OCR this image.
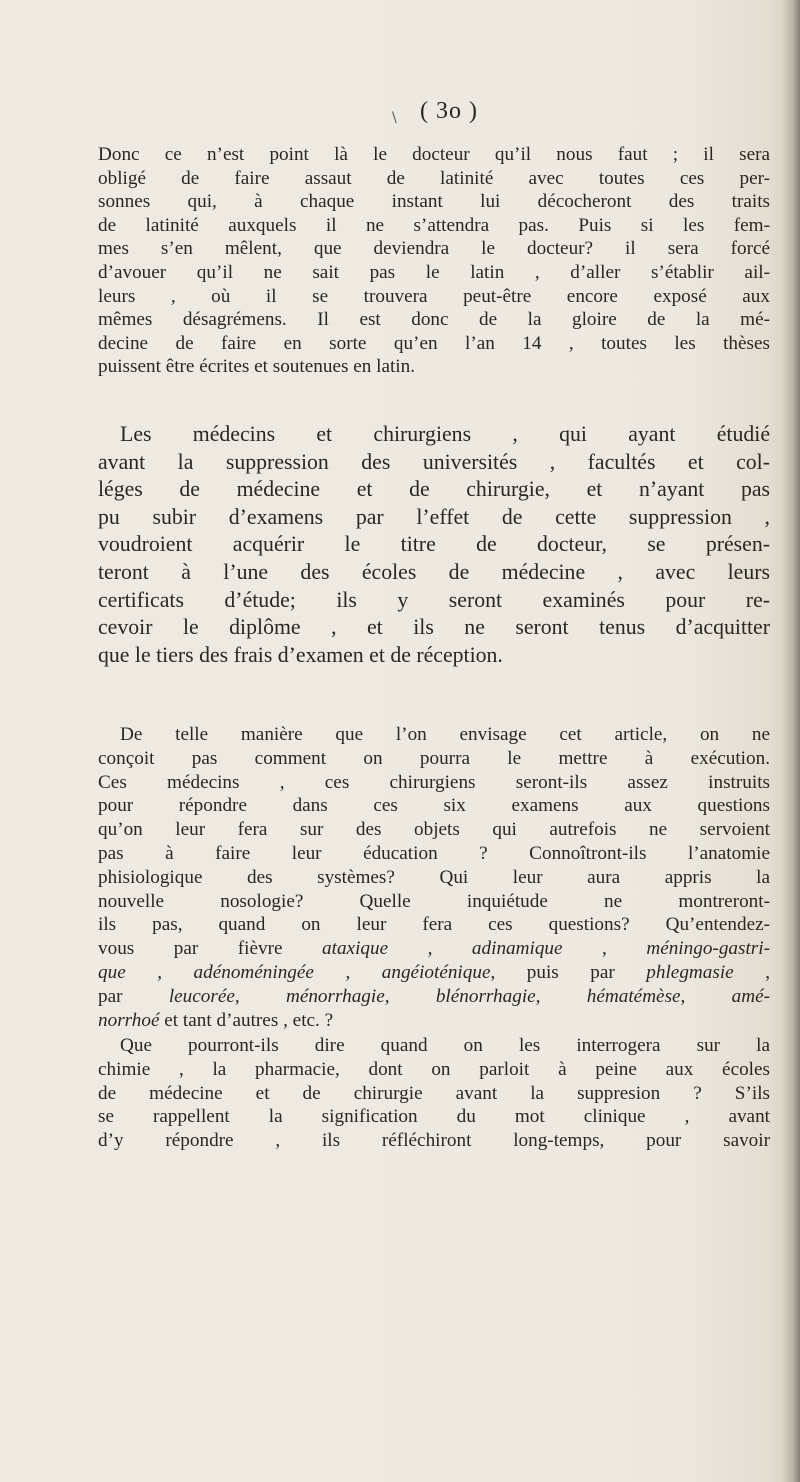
\ ( 3o )
Donc ce n’est point là le docteur qu’il nous faut ; il sera
obligé de faire assaut de latinité avec toutes ces per-
sonnes qui, à chaque instant lui décocheront des traits
de latinité auxquels il ne s’attendra pas. Puis si les fem-
mes s’en mêlent, que deviendra le docteur? il sera forcé
d’avouer qu’il ne sait pas le latin , d’aller s’établir ail-
leurs , où il se trouvera peut-être encore exposé aux
mêmes désagrémens. Il est donc de la gloire de la mé-
decine de faire en sorte qu’en l’an 14 , toutes les thèses
puissent être écrites et soutenues en latin.
Les médecins et chirurgiens , qui ayant étudié
avant la suppression des universités , facultés et col-
léges de médecine et de chirurgie, et n’ayant pas
pu subir d’examens par l’effet de cette suppression ,
voudroient acquérir le titre de docteur, se présen-
teront à l’une des écoles de médecine , avec leurs
certificats d’étude; ils y seront examinés pour re-
cevoir le diplôme , et ils ne seront tenus d’acquitter
que le tiers des frais d’examen et de réception.
De telle manière que l’on envisage cet article, on ne
conçoit pas comment on pourra le mettre à exécution.
Ces médecins , ces chirurgiens seront-ils assez instruits
pour répondre dans ces six examens aux questions
qu’on leur fera sur des objets qui autrefois ne servoient
pas à faire leur éducation ? Connoîtront-ils l’anatomie
phisiologique des systèmes? Qui leur aura appris la
nouvelle nosologie? Quelle inquiétude ne montreront-
ils pas, quand on leur fera ces questions? Qu’entendez-
vous par fièvre ataxique , adinamique , méningo-gastri-
que , adénoméningée , angéioténique, puis par phlegmasie ,
par leucorée, ménorrhagie, blénorrhagie, hématémèse, amé-
norrhoé et tant d’autres , etc. ?
Que pourront-ils dire quand on les interrogera sur la
chimie , la pharmacie, dont on parloit à peine aux écoles
de médecine et de chirurgie avant la suppresion ? S’ils
se rappellent la signification du mot clinique , avant
d’y répondre , ils réfléchiront long-temps, pour savoir
